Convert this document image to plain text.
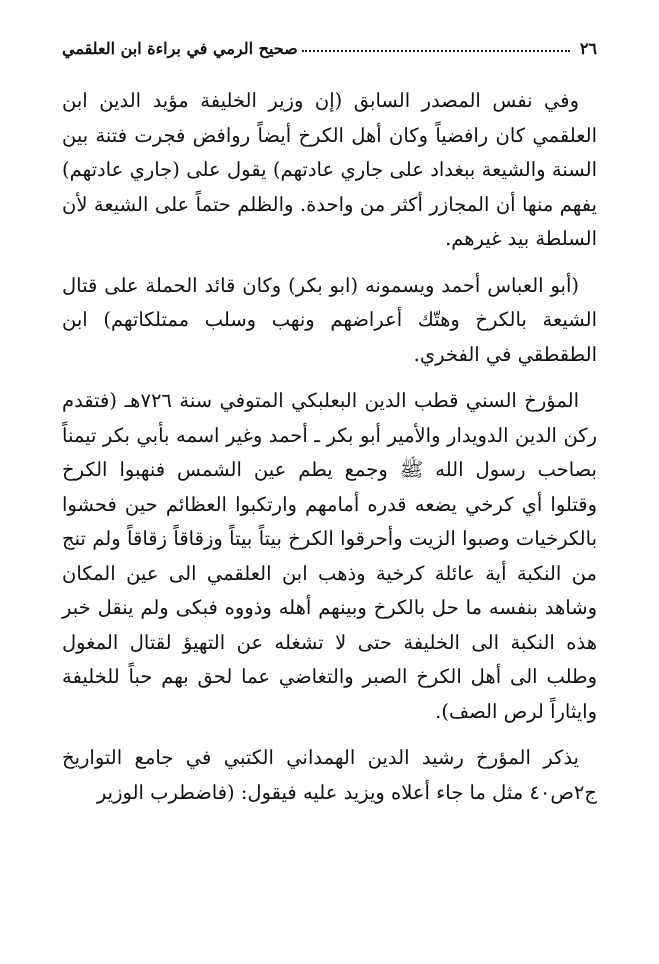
٢٦
صحيح الرمي في براءة ابن العلقمي

وفي نفس المصدر السابق (إن وزير الخليفة مؤيد الدين ابن العلقمي كان رافضياً وكان أهل الكرخ أيضاً روافض فجرت فتنة بين السنة والشيعة ببغداد على جاري عادتهم) يقول على (جاري عادتهم) يفهم منها أن المجازر أكثر من واحدة. والظلم حتماً على الشيعة لأن السلطة بيد غيرهم.

(أبو العباس أحمد ويسمونه (ابو بكر) وكان قائد الحملة على قتال الشيعة بالكرخ وهتّك أعراضهم ونهب وسلب ممتلكاتهم) ابن الطقطقي في الفخري.

المؤرخ السني قطب الدين البعلبكي المتوفي سنة ٧٢٦هـ (فتقدم ركن الدين الدويدار والأمير أبو بكر ـ أحمد وغير اسمه بأبي بكر تيمناً بصاحب رسول الله ﷺ وجمع يطم عين الشمس فنهبوا الكرخ وقتلوا أي كرخي يضعه قدره أمامهم وارتكبوا العظائم حين فحشوا بالكرخيات وصبوا الزيت وأحرقوا الكرخ بيتاً بيتاً وزقاقاً زقاقاً ولم تنج من النكبة أية عائلة كرخية وذهب ابن العلقمي الى عين المكان وشاهد بنفسه ما حل بالكرخ وبينهم أهله وذووه فبكى ولم ينقل خبر هذه النكبة الى الخليفة حتى لا تشغله عن التهيؤ لقتال المغول وطلب الى أهل الكرخ الصبر والتغاضي عما لحق بهم حباً للخليفة وايثاراً لرص الصف).

يذكر المؤرخ رشيد الدين الهمداني الكتبي في جامع التواريخ ج٢ص٤٠ مثل ما جاء أعلاه ويزيد عليه فيقول: (فاضطرب الوزير
